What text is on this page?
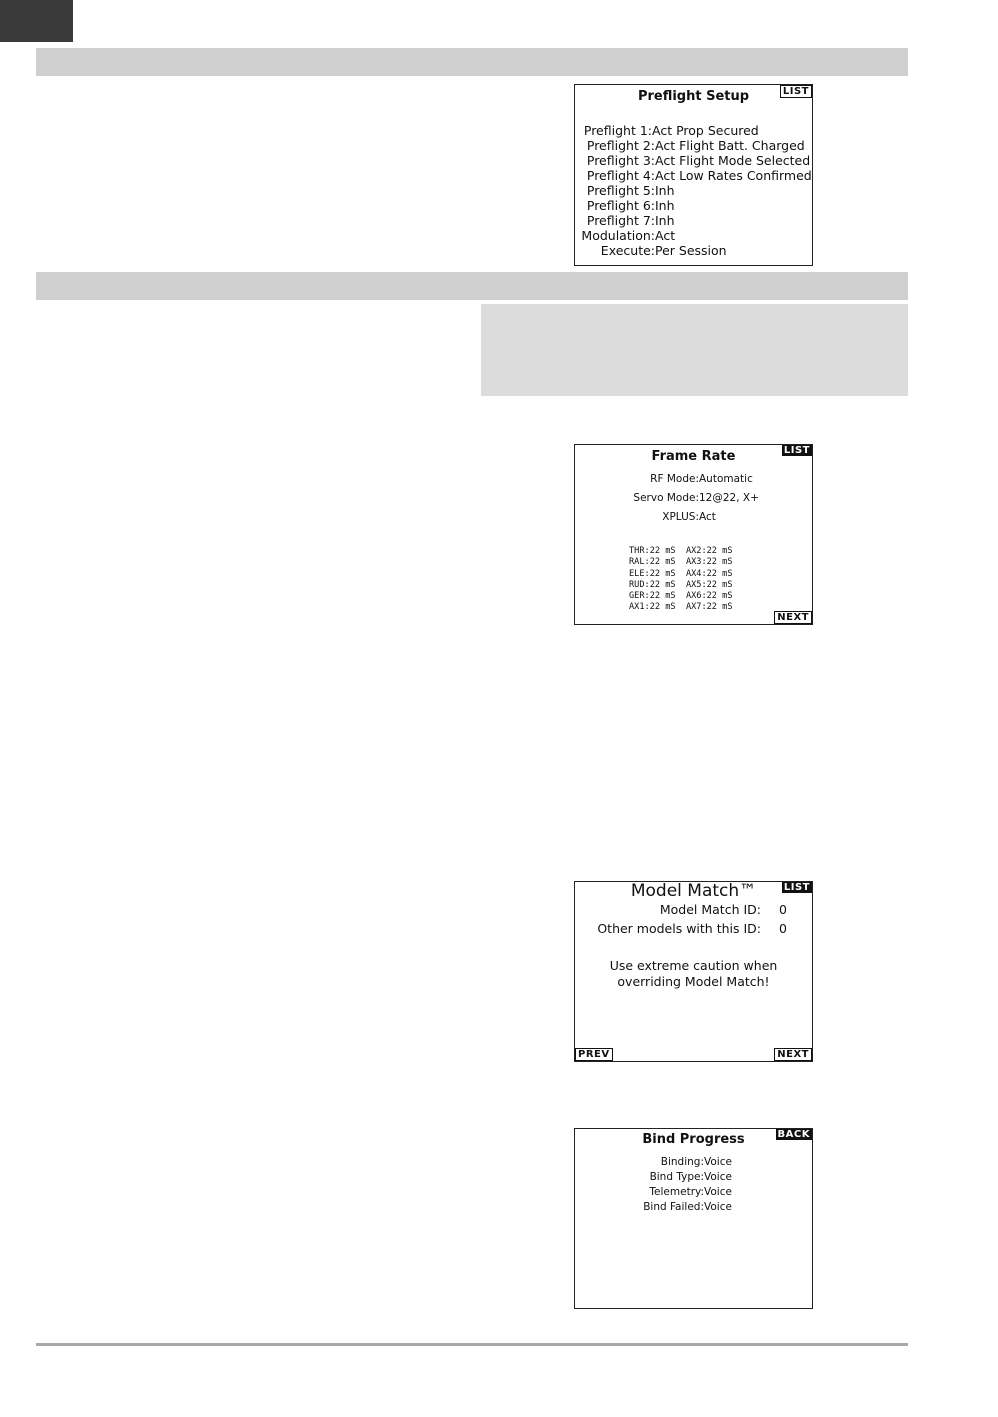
LIST
Preflight Setup
Preflight 1:Act Prop Secured
Preflight 2:Act Flight Batt. Charged
Preflight 3:Act Flight Mode Selected
Preflight 4:Act Low Rates Confirmed
Preflight 5:Inh
Preflight 6:Inh
Preflight 7:Inh
Modulation:Act
Execute:Per Session
LIST
Frame Rate
RF Mode:Automatic
Servo Mode:12@22, X+
XPLUS:Act
THR:22 mS AX2:22 mS
RAL:22 mS AX3:22 mS
ELE:22 mS AX4:22 mS
RUD:22 mS AX5:22 mS
GER:22 mS AX6:22 mS
AX1:22 mS AX7:22 mS
NEXT
LIST
Model Match™
Model Match ID: 0
Other models with this ID: 0
Use extreme caution when
overriding Model Match!
PREV	NEXT
BACK
Bind Progress
Binding:Voice
Bind Type:Voice
Telemetry:Voice
Bind Failed:Voice
